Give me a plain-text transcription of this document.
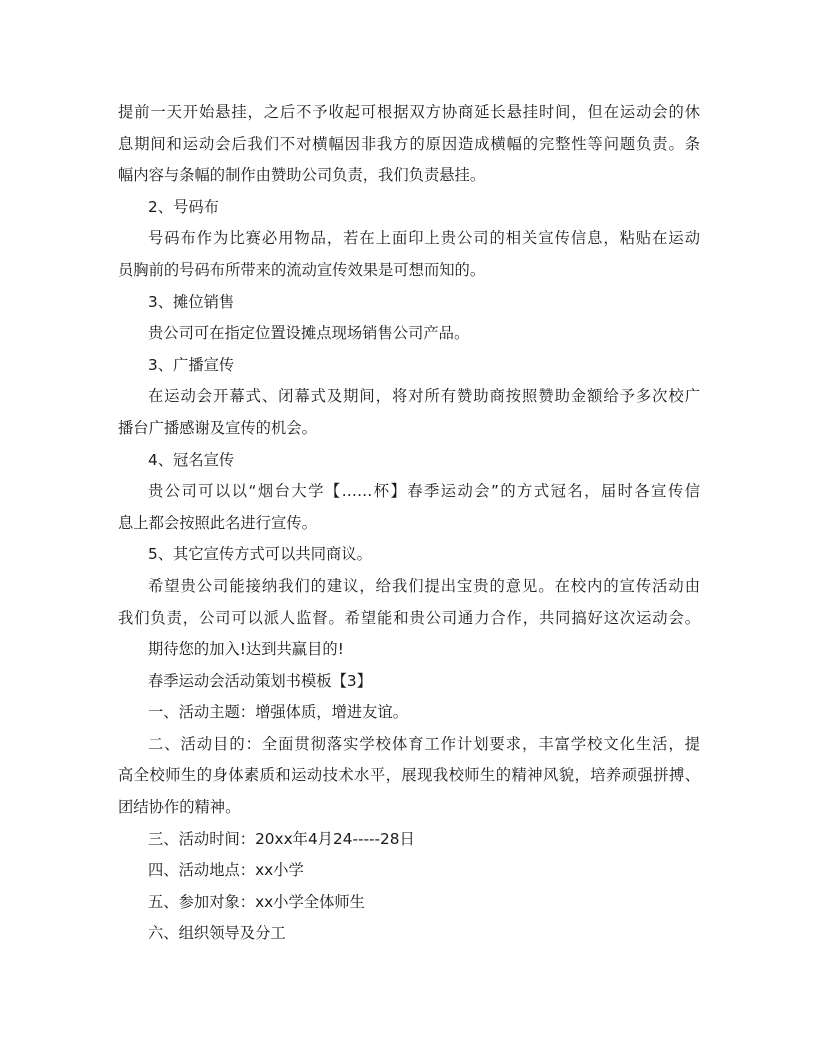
提前一天开始悬挂，之后不予收起可根据双方协商延长悬挂时间，但在运动会的休
息期间和运动会后我们不对横幅因非我方的原因造成横幅的完整性等问题负责。条
幅内容与条幅的制作由赞助公司负责，我们负责悬挂。
2、号码布
号码布作为比赛必用物品，若在上面印上贵公司的相关宣传信息，粘贴在运动
员胸前的号码布所带来的流动宣传效果是可想而知的。
3、摊位销售
贵公司可在指定位置设摊点现场销售公司产品。
3、广播宣传
在运动会开幕式、闭幕式及期间，将对所有赞助商按照赞助金额给予多次校广
播台广播感谢及宣传的机会。
4、冠名宣传
贵公司可以以“烟台大学【……杯】春季运动会”的方式冠名，届时各宣传信
息上都会按照此名进行宣传。
5、其它宣传方式可以共同商议。
希望贵公司能接纳我们的建议，给我们提出宝贵的意见。在校内的宣传活动由
我们负责，公司可以派人监督。希望能和贵公司通力合作，共同搞好这次运动会。
期待您的加入!达到共赢目的!
春季运动会活动策划书模板【3】
一、活动主题：增强体质，增进友谊。
二、活动目的：全面贯彻落实学校体育工作计划要求，丰富学校文化生活，提
高全校师生的身体素质和运动技术水平，展现我校师生的精神风貌，培养顽强拼搏、
团结协作的精神。
三、活动时间：20xx年4月24-----28日
四、活动地点：xx小学
五、参加对象：xx小学全体师生
六、组织领导及分工
